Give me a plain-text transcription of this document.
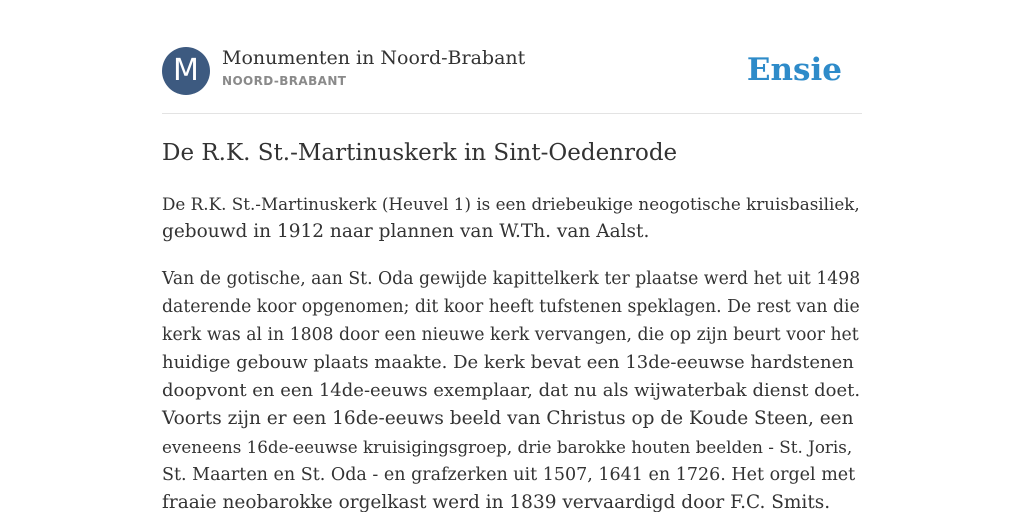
M	Monumenten in Noord-Brabant
NOORD-BRABANT	Ensie
De R.K. St.-Martinuskerk in Sint-Oedenrode

De R.K. St.-Martinuskerk (Heuvel 1) is een driebeukige neogotische kruisbasiliek,
gebouwd in 1912 naar plannen van W.Th. van Aalst.

Van de gotische, aan St. Oda gewijde kapittelkerk ter plaatse werd het uit 1498
daterende koor opgenomen; dit koor heeft tufstenen speklagen. De rest van die
kerk was al in 1808 door een nieuwe kerk vervangen, die op zijn beurt voor het
huidige gebouw plaats maakte. De kerk bevat een 13de-eeuwse hardstenen
doopvont en een 14de-eeuws exemplaar, dat nu als wijwaterbak dienst doet.
Voorts zijn er een 16de-eeuws beeld van Christus op de Koude Steen, een
eveneens 16de-eeuwse kruisigingsgroep, drie barokke houten beelden - St. Joris,
St. Maarten en St. Oda - en grafzerken uit 1507, 1641 en 1726. Het orgel met
fraaie neobarokke orgelkast werd in 1839 vervaardigd door F.C. Smits.
